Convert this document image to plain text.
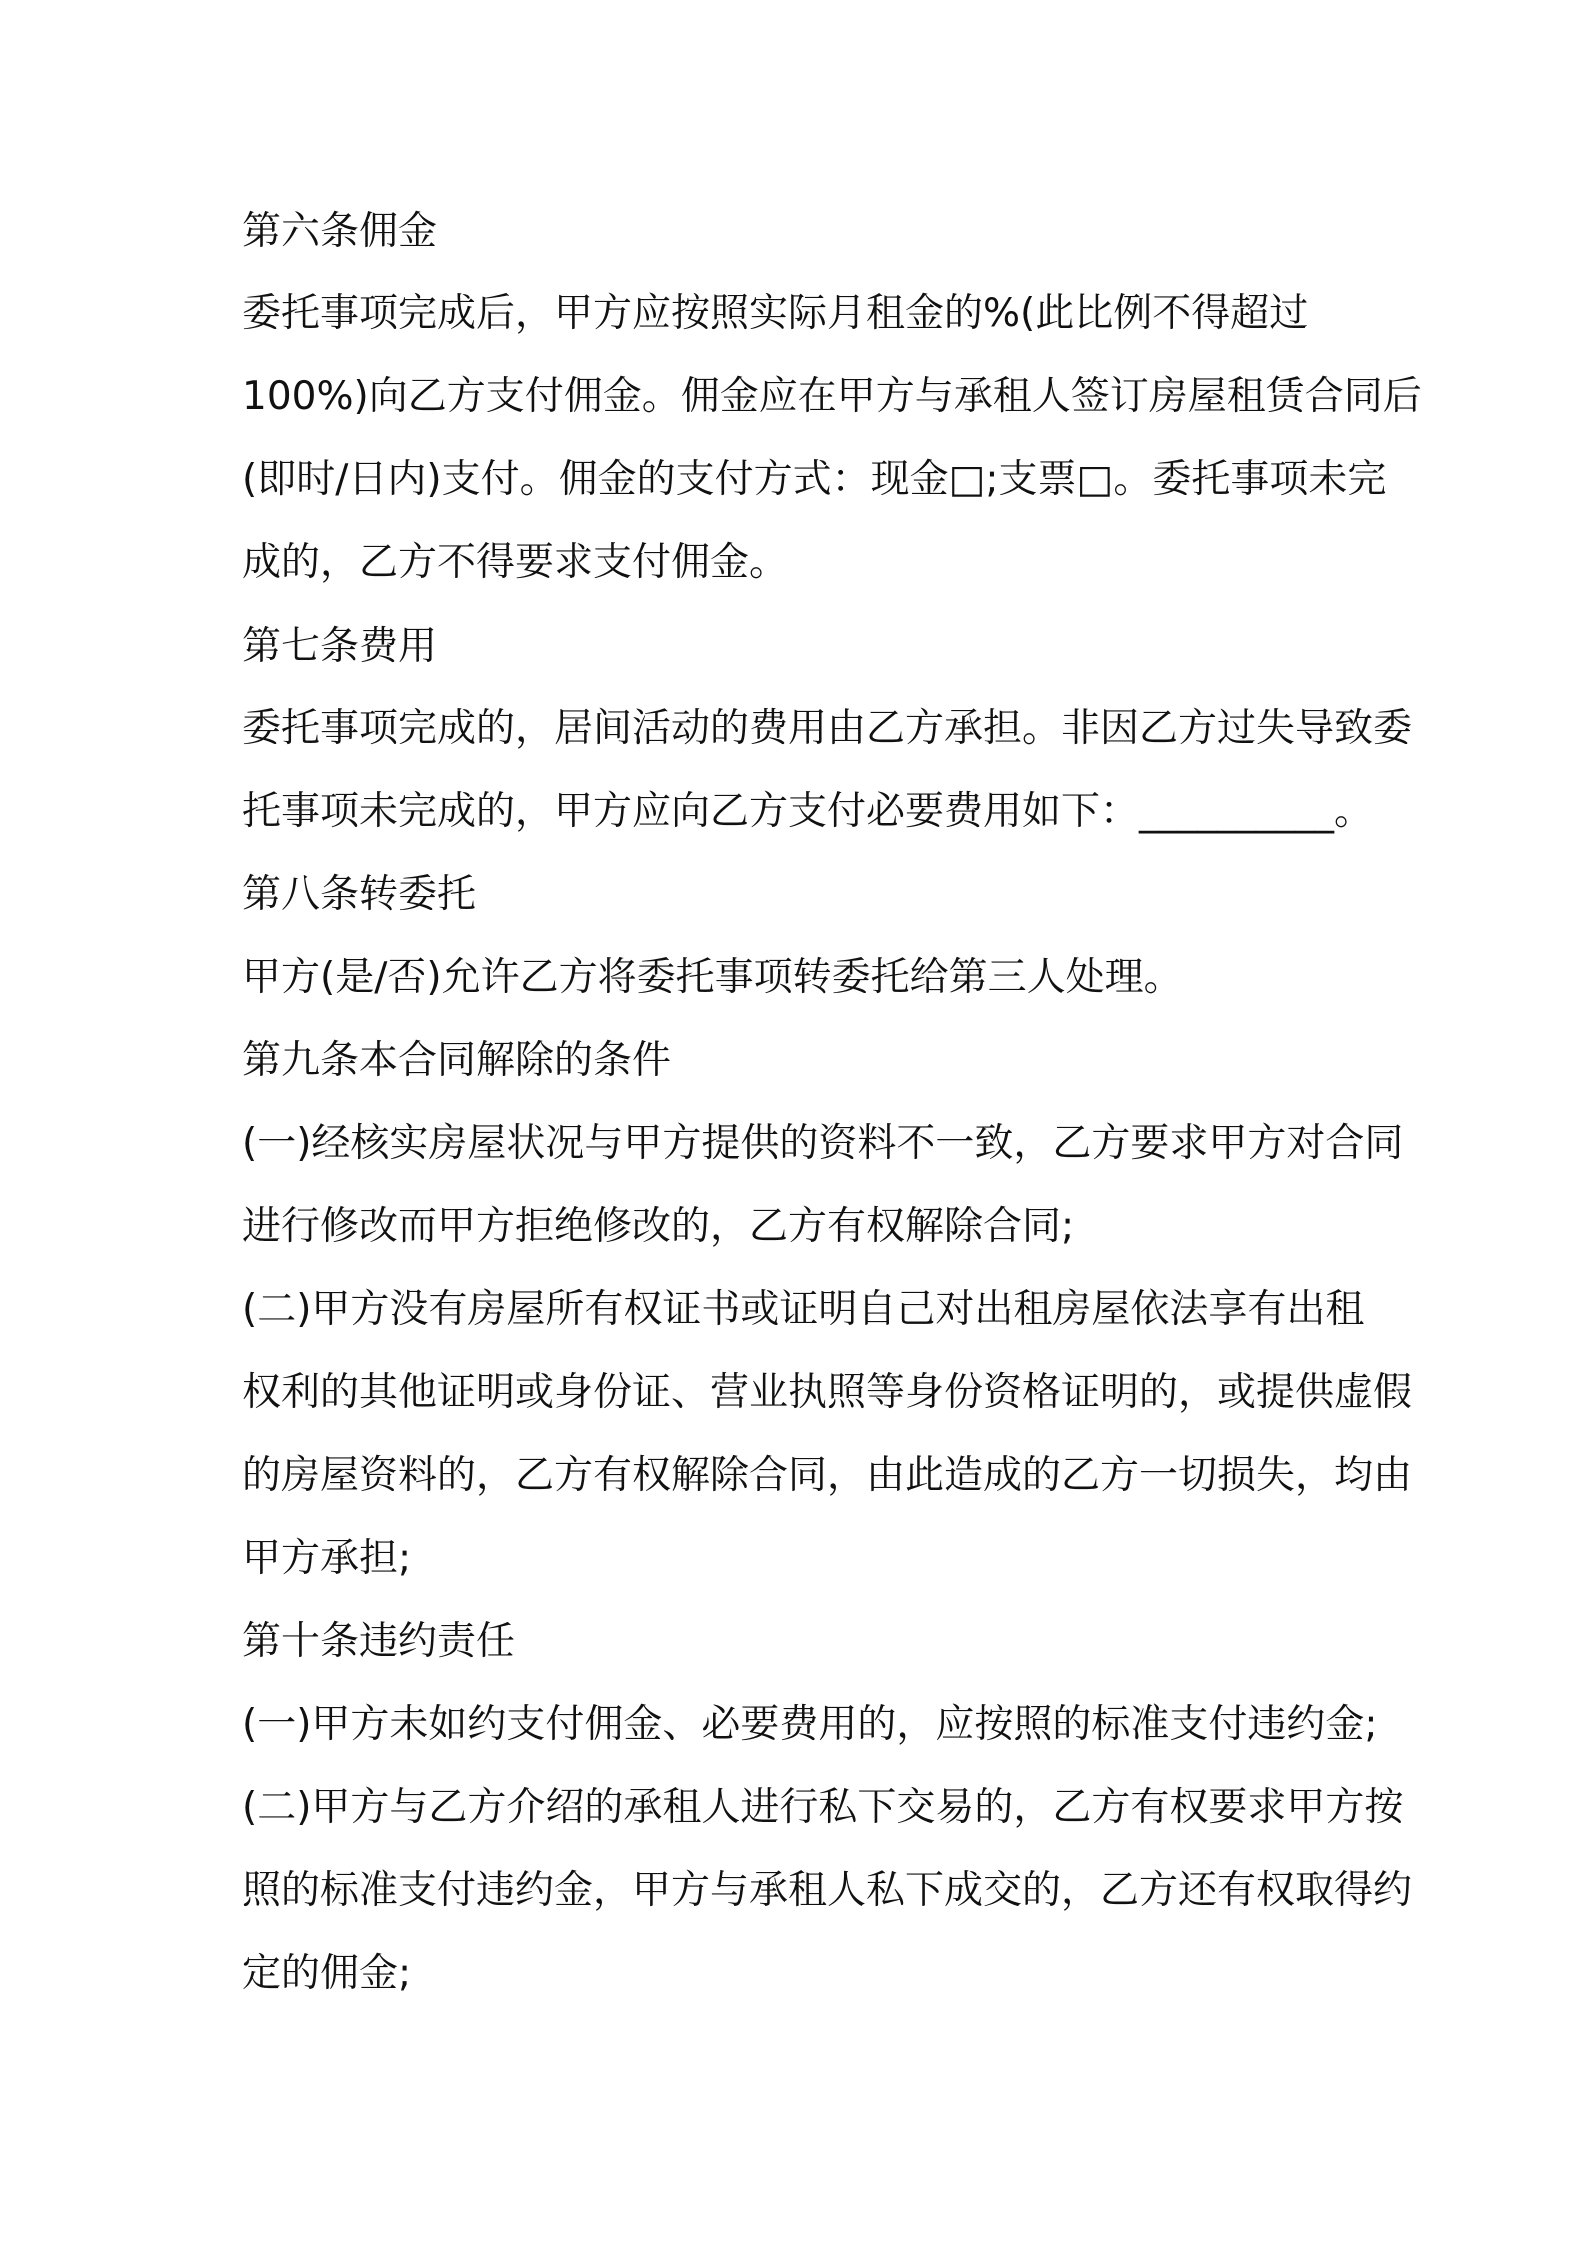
第六条佣金

委托事项完成后，甲方应按照实际月租金的%(此比例不得超过

100%)向乙方支付佣金。佣金应在甲方与承租人签订房屋租赁合同后

(即时/日内)支付。佣金的支付方式：现金□;支票□。委托事项未完

成的，乙方不得要求支付佣金。

第七条费用

委托事项完成的，居间活动的费用由乙方承担。非因乙方过失导致委

托事项未完成的，甲方应向乙方支付必要费用如下：__________。

第八条转委托

甲方(是/否)允许乙方将委托事项转委托给第三人处理。

第九条本合同解除的条件

(一)经核实房屋状况与甲方提供的资料不一致，乙方要求甲方对合同

进行修改而甲方拒绝修改的，乙方有权解除合同;

(二)甲方没有房屋所有权证书或证明自己对出租房屋依法享有出租

权利的其他证明或身份证、营业执照等身份资格证明的，或提供虚假

的房屋资料的，乙方有权解除合同，由此造成的乙方一切损失，均由

甲方承担;

第十条违约责任

(一)甲方未如约支付佣金、必要费用的，应按照的标准支付违约金;

(二)甲方与乙方介绍的承租人进行私下交易的，乙方有权要求甲方按

照的标准支付违约金，甲方与承租人私下成交的，乙方还有权取得约

定的佣金;
